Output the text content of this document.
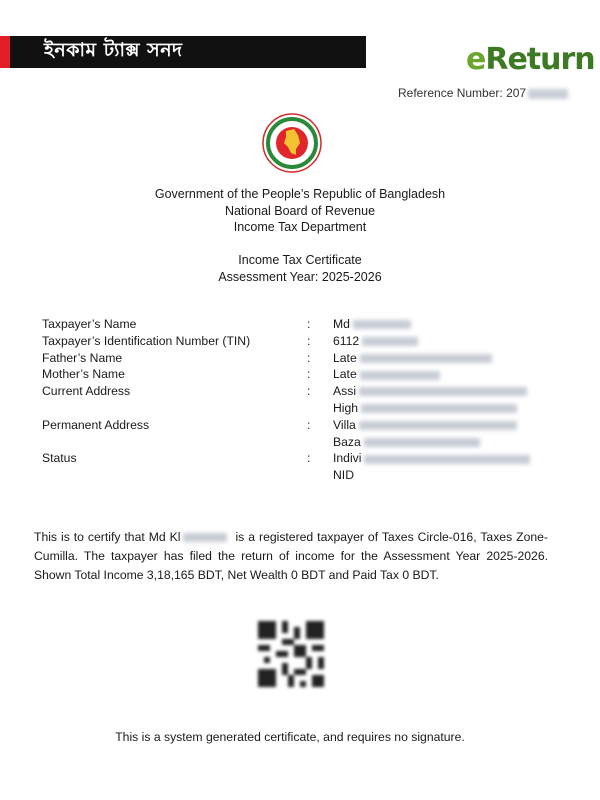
ইনকাম ট্যাক্স সনদ	eReturn
Reference Number: 207
Government of the People’s Republic of Bangladesh
National Board of Revenue
Income Tax Department
Income Tax Certificate
Assessment Year: 2025-2026
Taxpayer’s Name	:	Md
Taxpayer’s Identification Number (TIN)	:	6112
Father’s Name	:	Late
Mother’s Name	:	Late
Current Address	:	Assi
High
Permanent Address	:	Villa
Baza
Status	:	Indivi
NID
This is to certify that Md Kl	is a registered taxpayer of Taxes Circle-016, Taxes Zone-Cumilla. The taxpayer has filed the return of income for the Assessment Year 2025-2026. Shown Total Income 3,18,165 BDT, Net Wealth 0 BDT and Paid Tax 0 BDT.
This is a system generated certificate, and requires no signature.
